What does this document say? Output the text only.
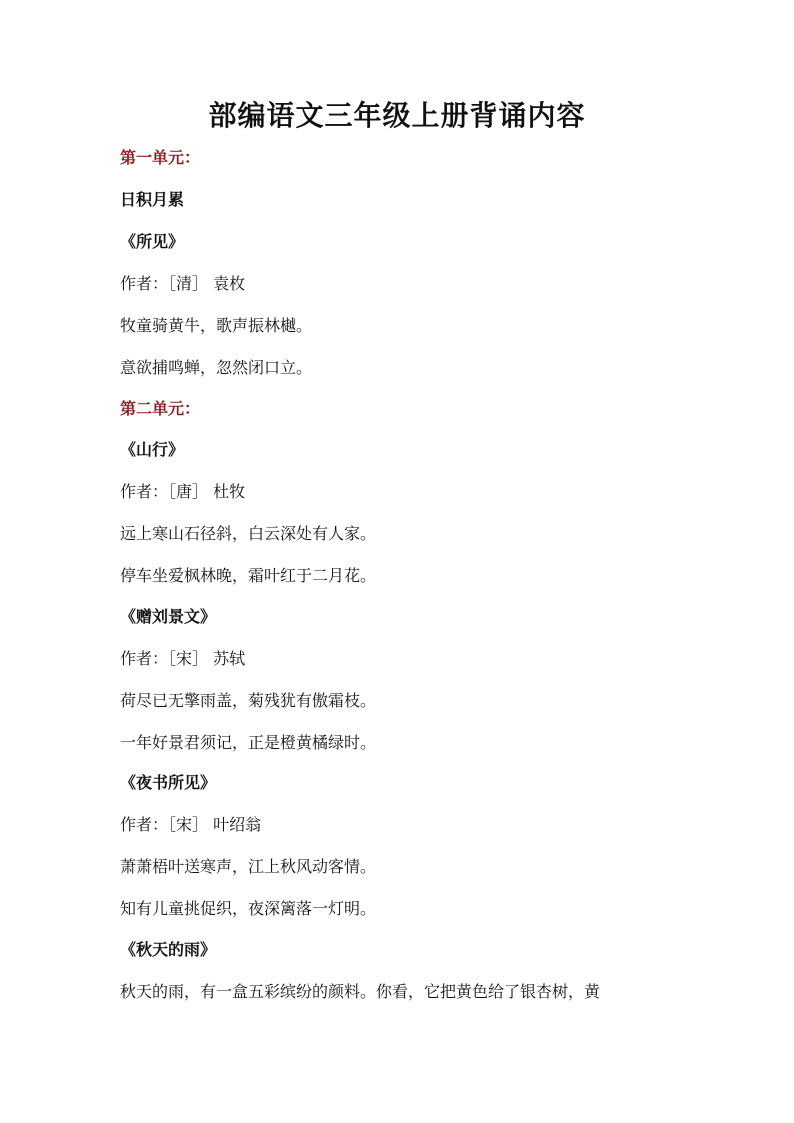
部编语文三年级上册背诵内容
第一单元：
日积月累
《所见》
作者：［清］ 袁枚
牧童骑黄牛，歌声振林樾。
意欲捕鸣蝉，忽然闭口立。
第二单元：
《山行》
作者：［唐］ 杜牧
远上寒山石径斜，白云深处有人家。
停车坐爱枫林晚，霜叶红于二月花。
《赠刘景文》
作者：［宋］ 苏轼
荷尽已无擎雨盖，菊残犹有傲霜枝。
一年好景君须记，正是橙黄橘绿时。
《夜书所见》
作者：［宋］ 叶绍翁
萧萧梧叶送寒声，江上秋风动客情。
知有儿童挑促织，夜深篱落一灯明。
《秋天的雨》
秋天的雨，有一盒五彩缤纷的颜料。你看，它把黄色给了银杏树，黄
